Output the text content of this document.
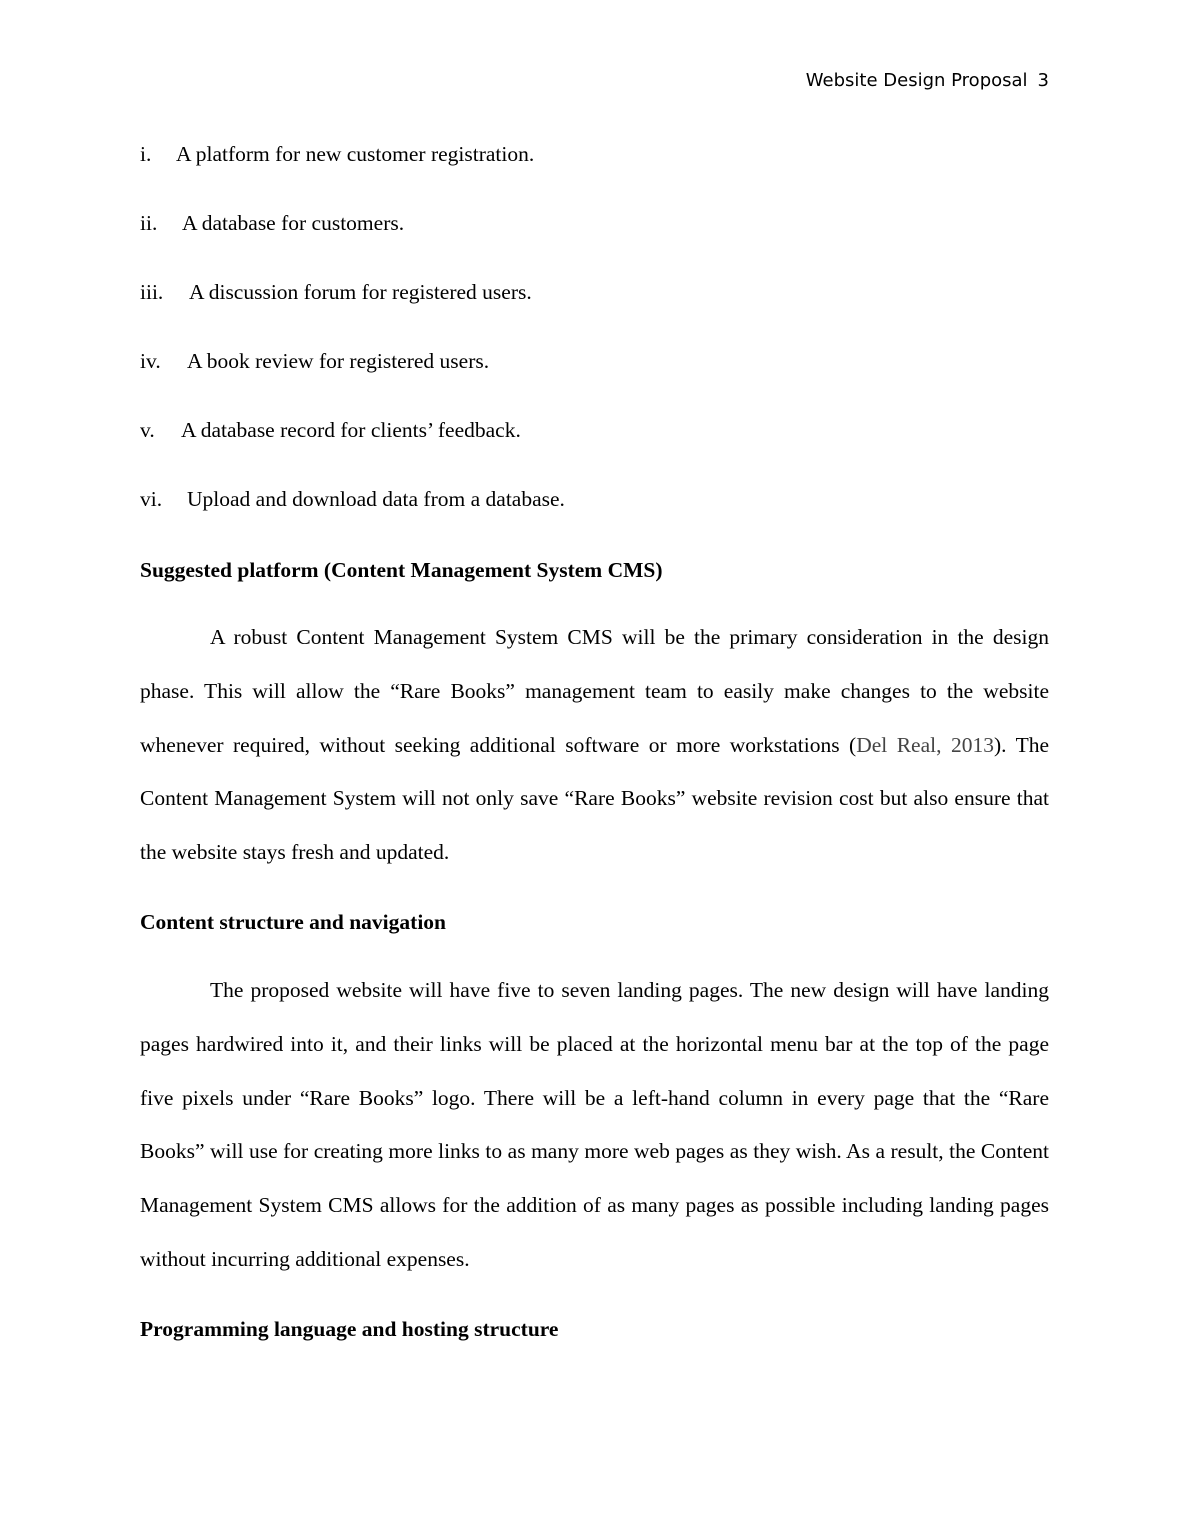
Website Design Proposal 3
i. A platform for new customer registration.
ii. A database for customers.
iii. A discussion forum for registered users.
iv. A book review for registered users.
v. A database record for clients’ feedback.
vi. Upload and download data from a database.
Suggested platform (Content Management System CMS)
A robust Content Management System CMS will be the primary consideration in the design phase. This will allow the “Rare Books” management team to easily make changes to the website whenever required, without seeking additional software or more workstations (Del Real, 2013). The Content Management System will not only save “Rare Books” website revision cost but also ensure that the website stays fresh and updated.
Content structure and navigation
The proposed website will have five to seven landing pages. The new design will have landing pages hardwired into it, and their links will be placed at the horizontal menu bar at the top of the page five pixels under “Rare Books” logo. There will be a left-hand column in every page that the “Rare Books” will use for creating more links to as many more web pages as they wish. As a result, the Content Management System CMS allows for the addition of as many pages as possible including landing pages without incurring additional expenses.
Programming language and hosting structure
